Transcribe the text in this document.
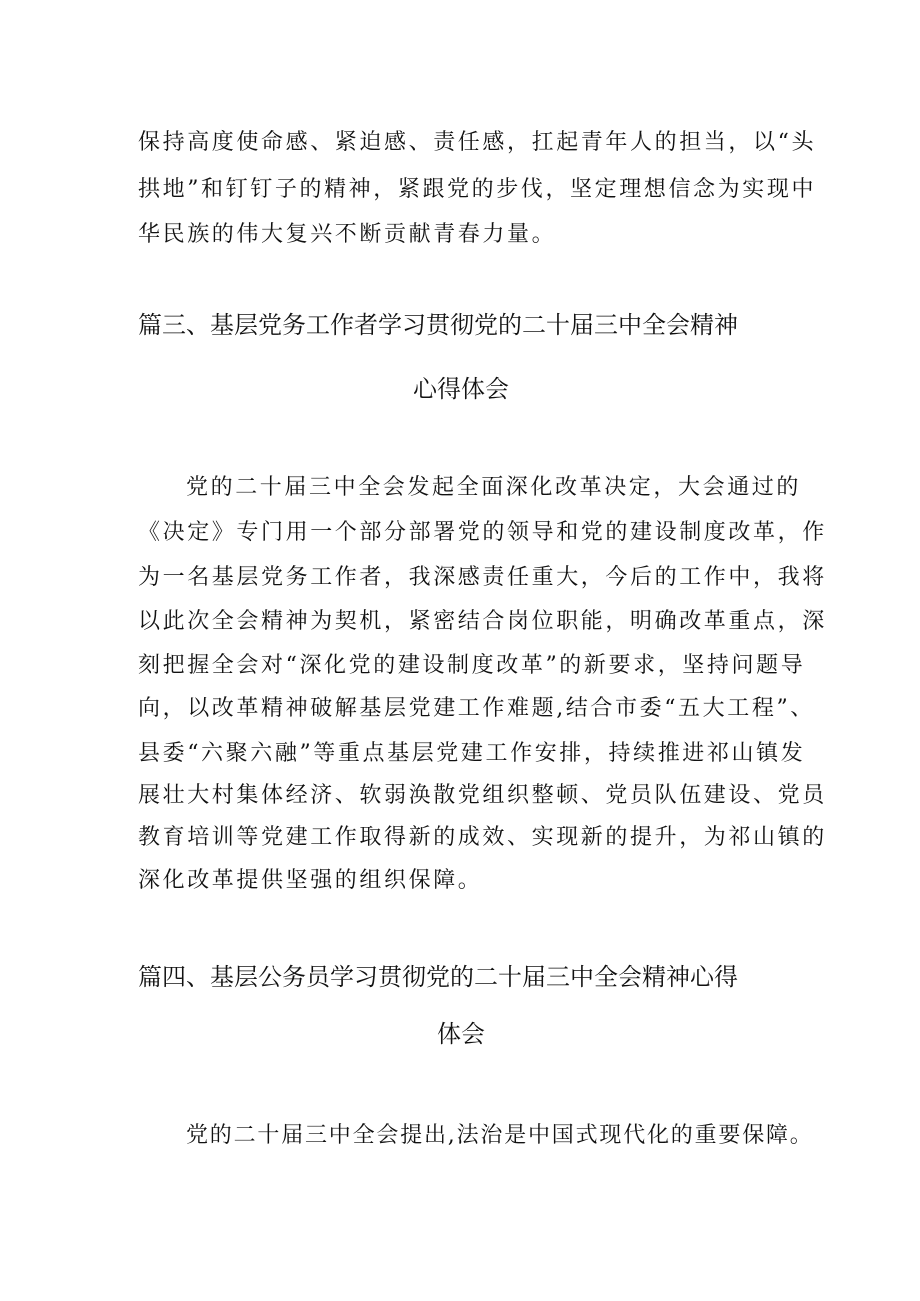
保持高度使命感、紧迫感、责任感，扛起青年人的担当，以“头
拱地”和钉钉子的精神，紧跟党的步伐，坚定理想信念为实现中
华民族的伟大复兴不断贡献青春力量。
篇三、基层党务工作者学习贯彻党的二十届三中全会精神
心得体会
党的二十届三中全会发起全面深化改革决定，大会通过的
《决定》专门用一个部分部署党的领导和党的建设制度改革，作
为一名基层党务工作者，我深感责任重大，今后的工作中，我将
以此次全会精神为契机，紧密结合岗位职能，明确改革重点，深
刻把握全会对“深化党的建设制度改革”的新要求，坚持问题导
向，以改革精神破解基层党建工作难题,结合市委“五大工程”、
县委“六聚六融”等重点基层党建工作安排，持续推进祁山镇发
展壮大村集体经济、软弱涣散党组织整顿、党员队伍建设、党员
教育培训等党建工作取得新的成效、实现新的提升，为祁山镇的
深化改革提供坚强的组织保障。
篇四、基层公务员学习贯彻党的二十届三中全会精神心得
体会
党的二十届三中全会提出,法治是中国式现代化的重要保障。
